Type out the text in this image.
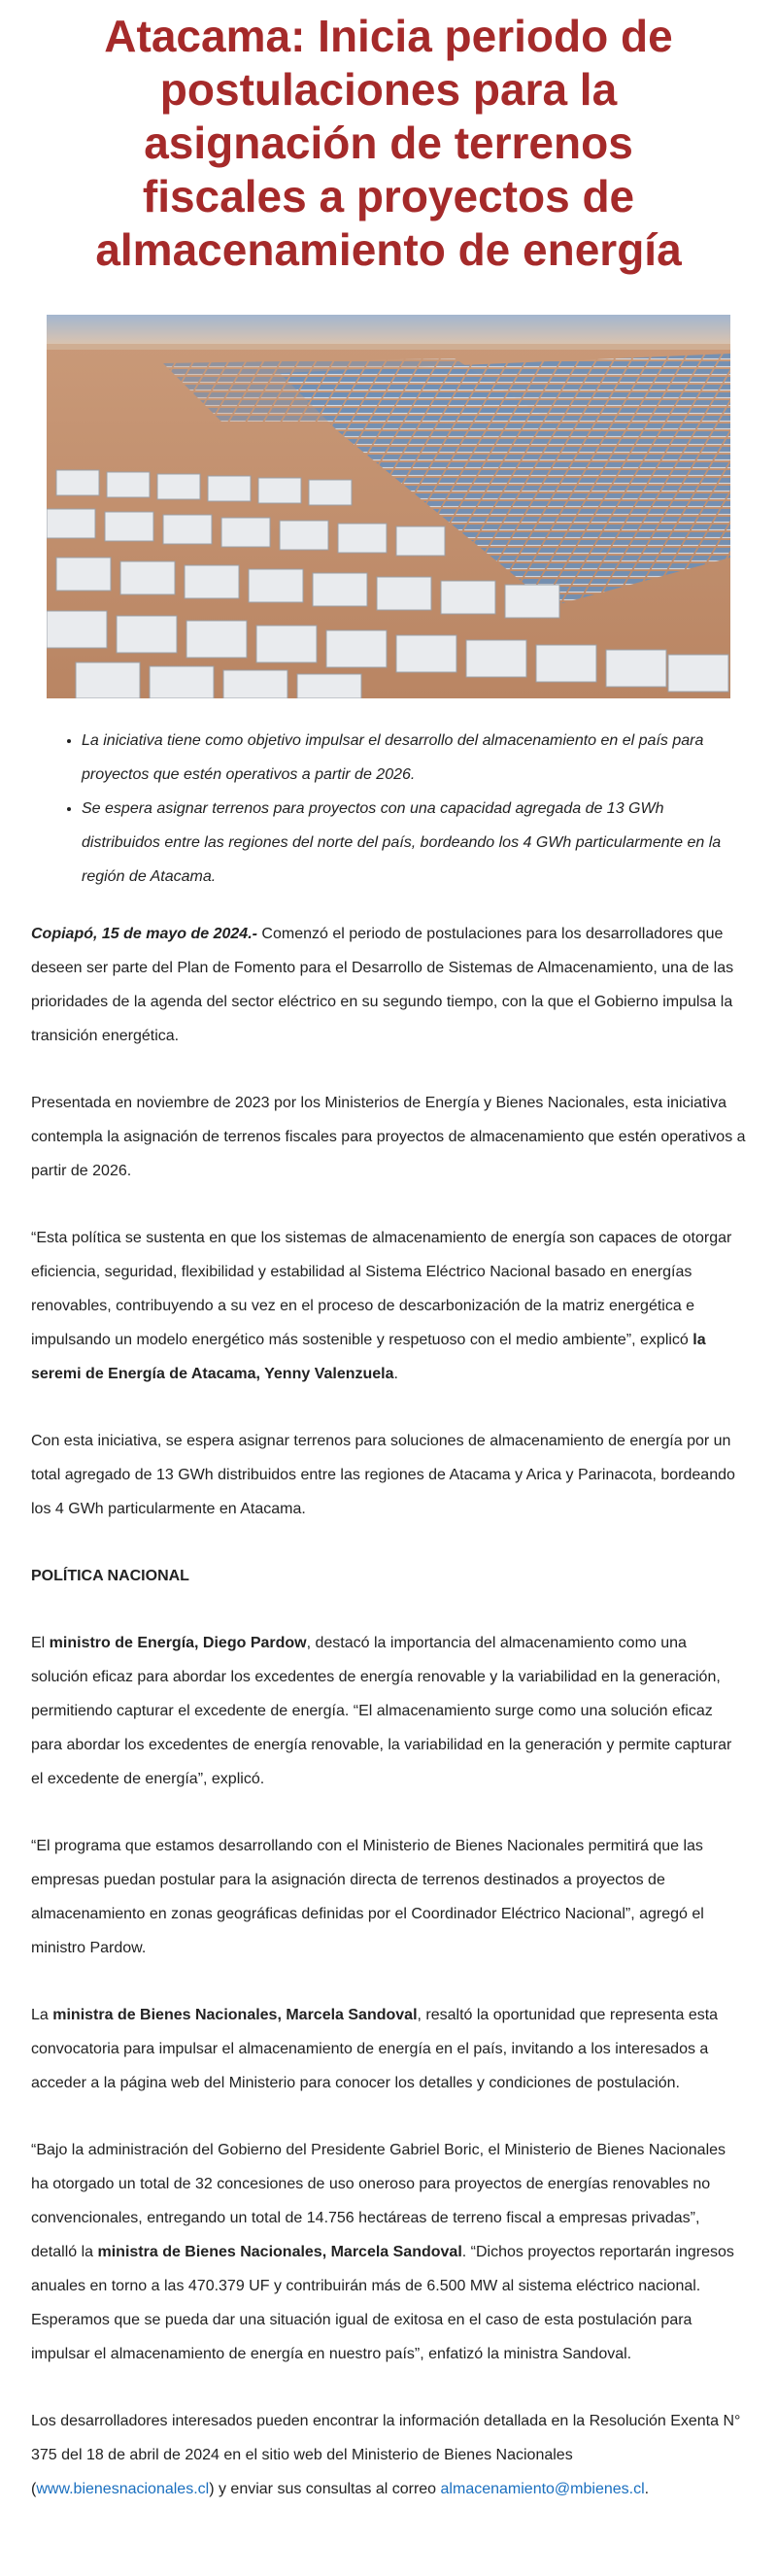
Atacama: Inicia periodo de postulaciones para la asignación de terrenos fiscales a proyectos de almacenamiento de energía
• La iniciativa tiene como objetivo impulsar el desarrollo del almacenamiento en el país para proyectos que estén operativos a partir de 2026.
• Se espera asignar terrenos para proyectos con una capacidad agregada de 13 GWh distribuidos entre las regiones del norte del país, bordeando los 4 GWh particularmente en la región de Atacama.

Copiapó, 15 de mayo de 2024.- Comenzó el periodo de postulaciones para los desarrolladores que deseen ser parte del Plan de Fomento para el Desarrollo de Sistemas de Almacenamiento, una de las prioridades de la agenda del sector eléctrico en su segundo tiempo, con la que el Gobierno impulsa la transición energética.

Presentada en noviembre de 2023 por los Ministerios de Energía y Bienes Nacionales, esta iniciativa contempla la asignación de terrenos fiscales para proyectos de almacenamiento que estén operativos a partir de 2026.

“Esta política se sustenta en que los sistemas de almacenamiento de energía son capaces de otorgar eficiencia, seguridad, flexibilidad y estabilidad al Sistema Eléctrico Nacional basado en energías renovables, contribuyendo a su vez en el proceso de descarbonización de la matriz energética e impulsando un modelo energético más sostenible y respetuoso con el medio ambiente”, explicó la seremi de Energía de Atacama, Yenny Valenzuela.

Con esta iniciativa, se espera asignar terrenos para soluciones de almacenamiento de energía por un total agregado de 13 GWh distribuidos entre las regiones de Atacama y Arica y Parinacota, bordeando los 4 GWh particularmente en Atacama.

POLÍTICA NACIONAL

El ministro de Energía, Diego Pardow, destacó la importancia del almacenamiento como una solución eficaz para abordar los excedentes de energía renovable y la variabilidad en la generación, permitiendo capturar el excedente de energía. “El almacenamiento surge como una solución eficaz para abordar los excedentes de energía renovable, la variabilidad en la generación y permite capturar el excedente de energía”, explicó.

“El programa que estamos desarrollando con el Ministerio de Bienes Nacionales permitirá que las empresas puedan postular para la asignación directa de terrenos destinados a proyectos de almacenamiento en zonas geográficas definidas por el Coordinador Eléctrico Nacional”, agregó el ministro Pardow.

La ministra de Bienes Nacionales, Marcela Sandoval, resaltó la oportunidad que representa esta convocatoria para impulsar el almacenamiento de energía en el país, invitando a los interesados a acceder a la página web del Ministerio para conocer los detalles y condiciones de postulación.

“Bajo la administración del Gobierno del Presidente Gabriel Boric, el Ministerio de Bienes Nacionales ha otorgado un total de 32 concesiones de uso oneroso para proyectos de energías renovables no convencionales, entregando un total de 14.756 hectáreas de terreno fiscal a empresas privadas”, detalló la ministra de Bienes Nacionales, Marcela Sandoval. “Dichos proyectos reportarán ingresos anuales en torno a las 470.379 UF y contribuirán más de 6.500 MW al sistema eléctrico nacional. Esperamos que se pueda dar una situación igual de exitosa en el caso de esta postulación para impulsar el almacenamiento de energía en nuestro país”, enfatizó la ministra Sandoval.

Los desarrolladores interesados pueden encontrar la información detallada en la Resolución Exenta N° 375 del 18 de abril de 2024 en el sitio web del Ministerio de Bienes Nacionales (www.bienesnacionales.cl) y enviar sus consultas al correo almacenamiento@mbienes.cl.
